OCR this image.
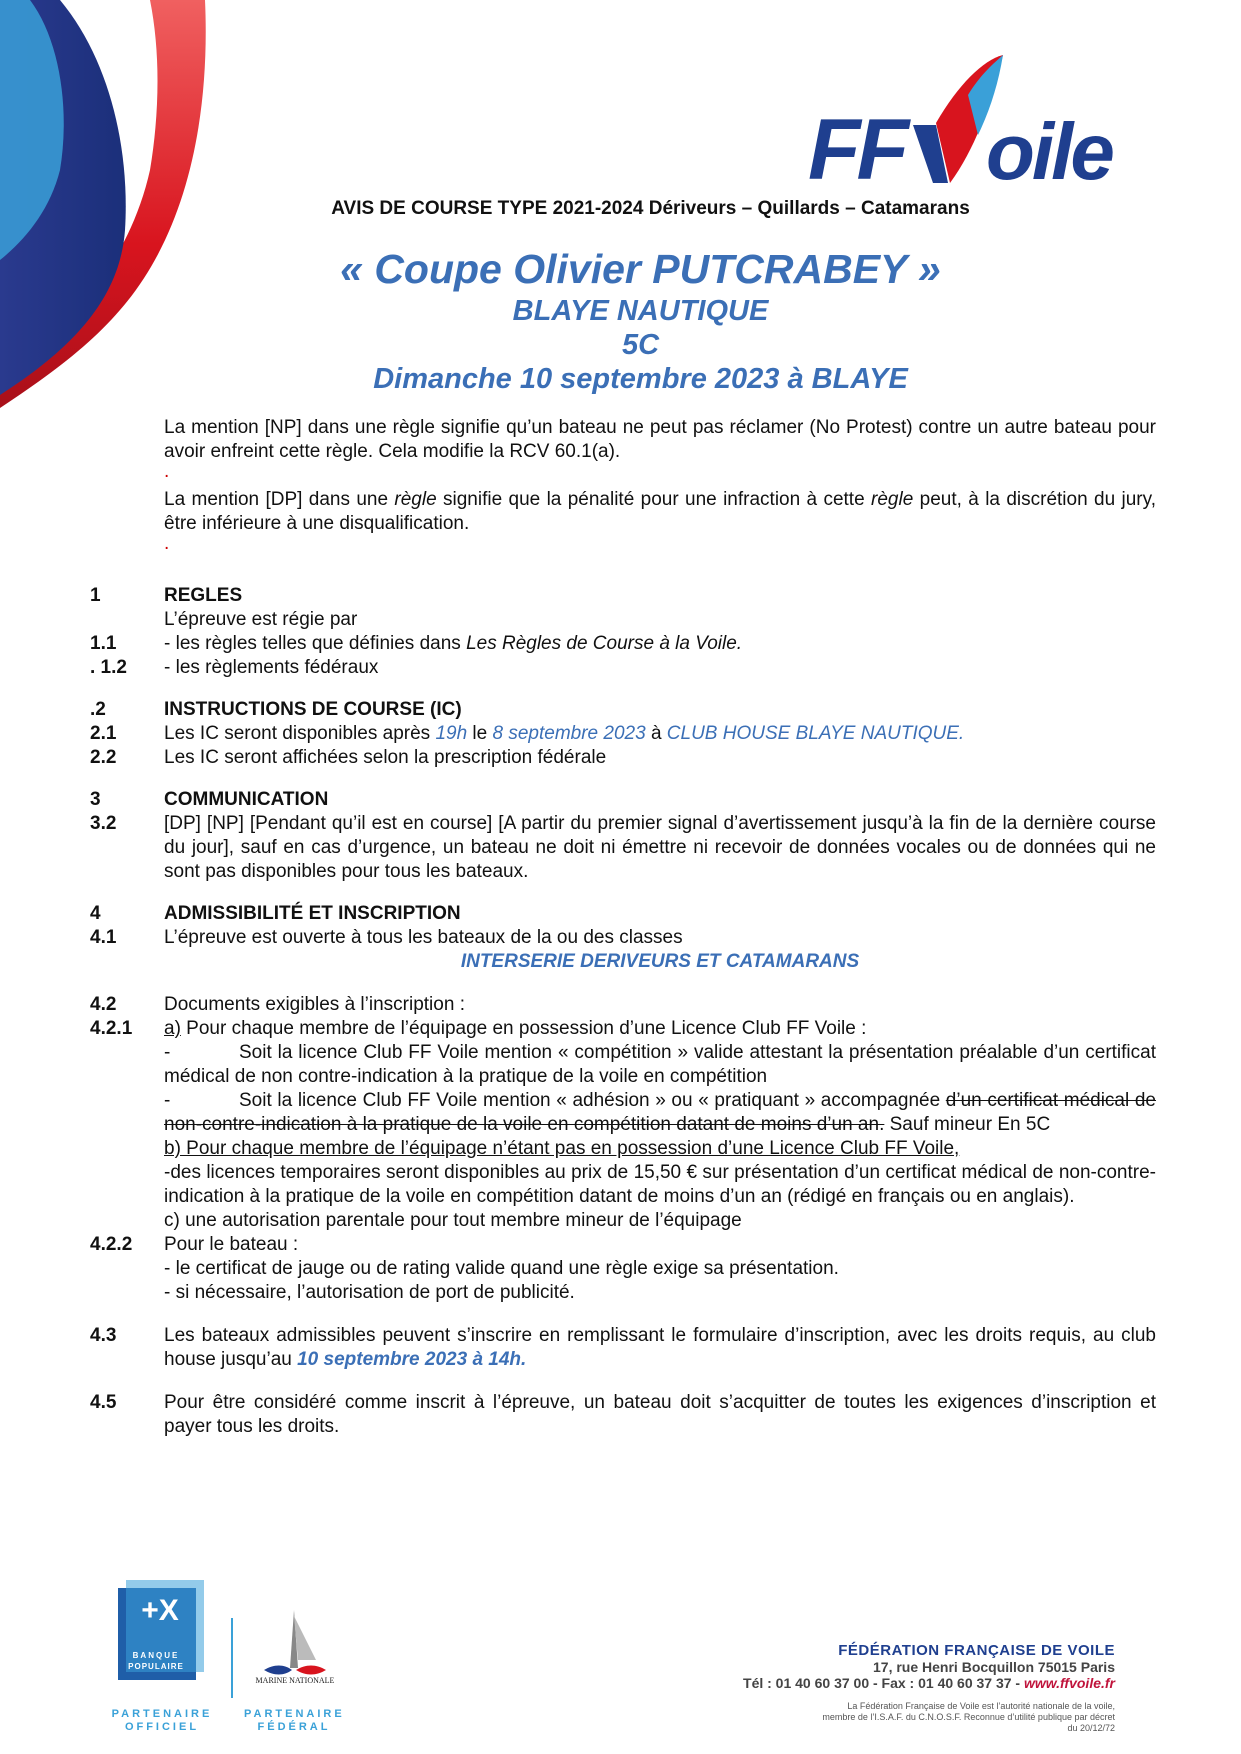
FF oile
AVIS DE COURSE TYPE 2021-2024 Dériveurs – Quillards – Catamarans
« Coupe Olivier PUTCRABEY »
BLAYE NAUTIQUE
5C
Dimanche 10 septembre 2023 à BLAYE
La mention [NP] dans une règle signifie qu’un bateau ne peut pas réclamer (No Protest) contre un autre bateau pour avoir enfreint cette règle. Cela modifie la RCV 60.1(a).
.
La mention [DP] dans une règle signifie que la pénalité pour une infraction à cette règle peut, à la discrétion du jury, être inférieure à une disqualification.
.
1	REGLES
L’épreuve est régie par
1.1	- les règles telles que définies dans Les Règles de Course à la Voile.
. 1.2	- les règlements fédéraux
.2	INSTRUCTIONS DE COURSE (IC)
2.1	Les IC seront disponibles après 19h le 8 septembre 2023 à CLUB HOUSE BLAYE NAUTIQUE.
2.2	Les IC seront affichées selon la prescription fédérale
3	COMMUNICATION
3.2	[DP] [NP] [Pendant qu’il est en course] [A partir du premier signal d’avertissement jusqu’à la fin de la dernière course du jour], sauf en cas d’urgence, un bateau ne doit ni émettre ni recevoir de données vocales ou de données qui ne sont pas disponibles pour tous les bateaux.
4	ADMISSIBILITÉ ET INSCRIPTION
4.1	L’épreuve est ouverte à tous les bateaux de la ou des classes
INTERSERIE DERIVEURS ET CATAMARANS
4.2	Documents exigibles à l’inscription :
4.2.1	a) Pour chaque membre de l’équipage en possession d’une Licence Club FF Voile :
-	Soit la licence Club FF Voile mention « compétition » valide attestant la présentation préalable d’un certificat médical de non contre-indication à la pratique de la voile en compétition
-	Soit la licence Club FF Voile mention « adhésion » ou « pratiquant » accompagnée d’un certificat médical de non-contre-indication à la pratique de la voile en compétition datant de moins d’un an. Sauf mineur En 5C
b) Pour chaque membre de l’équipage n’étant pas en possession d’une Licence Club FF Voile,
-des licences temporaires seront disponibles au prix de 15,50 € sur présentation d’un certificat médical de non-contre-indication à la pratique de la voile en compétition datant de moins d’un an (rédigé en français ou en anglais).
c) une autorisation parentale pour tout membre mineur de l’équipage
4.2.2	Pour le bateau :
- le certificat de jauge ou de rating valide quand une règle exige sa présentation.
- si nécessaire, l’autorisation de port de publicité.
4.3	Les bateaux admissibles peuvent s’inscrire en remplissant le formulaire d’inscription, avec les droits requis, au club house jusqu’au 10 septembre 2023 à 14h.
4.5	Pour être considéré comme inscrit à l’épreuve, un bateau doit s’acquitter de toutes les exigences d’inscription et payer tous les droits.
+X
BANQUE
POPULAIRE
PARTENAIRE OFFICIEL
MARINE NATIONALE
PARTENAIRE FÉDÉRAL
FÉDÉRATION FRANÇAISE DE VOILE
17, rue Henri Bocquillon 75015 Paris
Tél : 01 40 60 37 00 - Fax : 01 40 60 37 37 - www.ffvoile.fr
La Fédération Française de Voile est l’autorité nationale de la voile, membre de l’I.S.A.F. du C.N.O.S.F. Reconnue d’utilité publique par décret du 20/12/72
